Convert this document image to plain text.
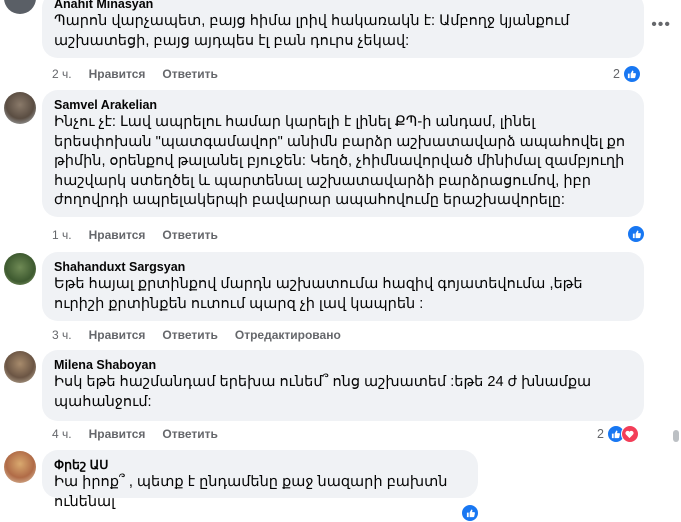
Anahit Minasyan
Պարոն վարչապետ, բայց հիմա լրիվ հակառակն է: Ամբողջ կյանքում աշխատեցի, բայց այդպես էլ բան դուրս չեկավ:
•••
2 ч. Нравится Ответить	2
Samvel Arakelian
Ինչու չէ: Լավ ապրելու համար կարելի է լինել ՔՊ-ի անդամ, լինել երեսփոխան "պատգամավոր" անիմն բարձր աշխատավարձ ապահովել քո թիմին, օրենքով թալանել բյուջեն: Կեղծ, չհիմնավորված մինիմալ զամբյուղի հաշվարկ ստեղծել և պարտենալ աշխատավարձի բարձրացումով, իբր ժողովրդի ապրելակերպի բավարար ապահովումը երաշխավորելը:
1 ч. Нравится Ответить
Shahanduxt Sargsyan
Եթե հայալ քրտինքով մարդն աշխատումա հազիվ գոյատեվումա ,եթե ուրիշի քրտինքեն ուտում պարզ չի լավ կապրեն :
3 ч. Нравится Ответить Отредактировано
Milena Shaboyan
Իսկ եթե հաշմանդամ երեխա ունեմ՞ ոնց աշխատեմ :եթե 24 ժ խնամքա պահանջում:
4 ч. Нравится Ответить	2
Փրեշ ԱՍ
Իա իրոք՞ , պետք է ընդամենը քաջ նազարի բախտն ունենալ
